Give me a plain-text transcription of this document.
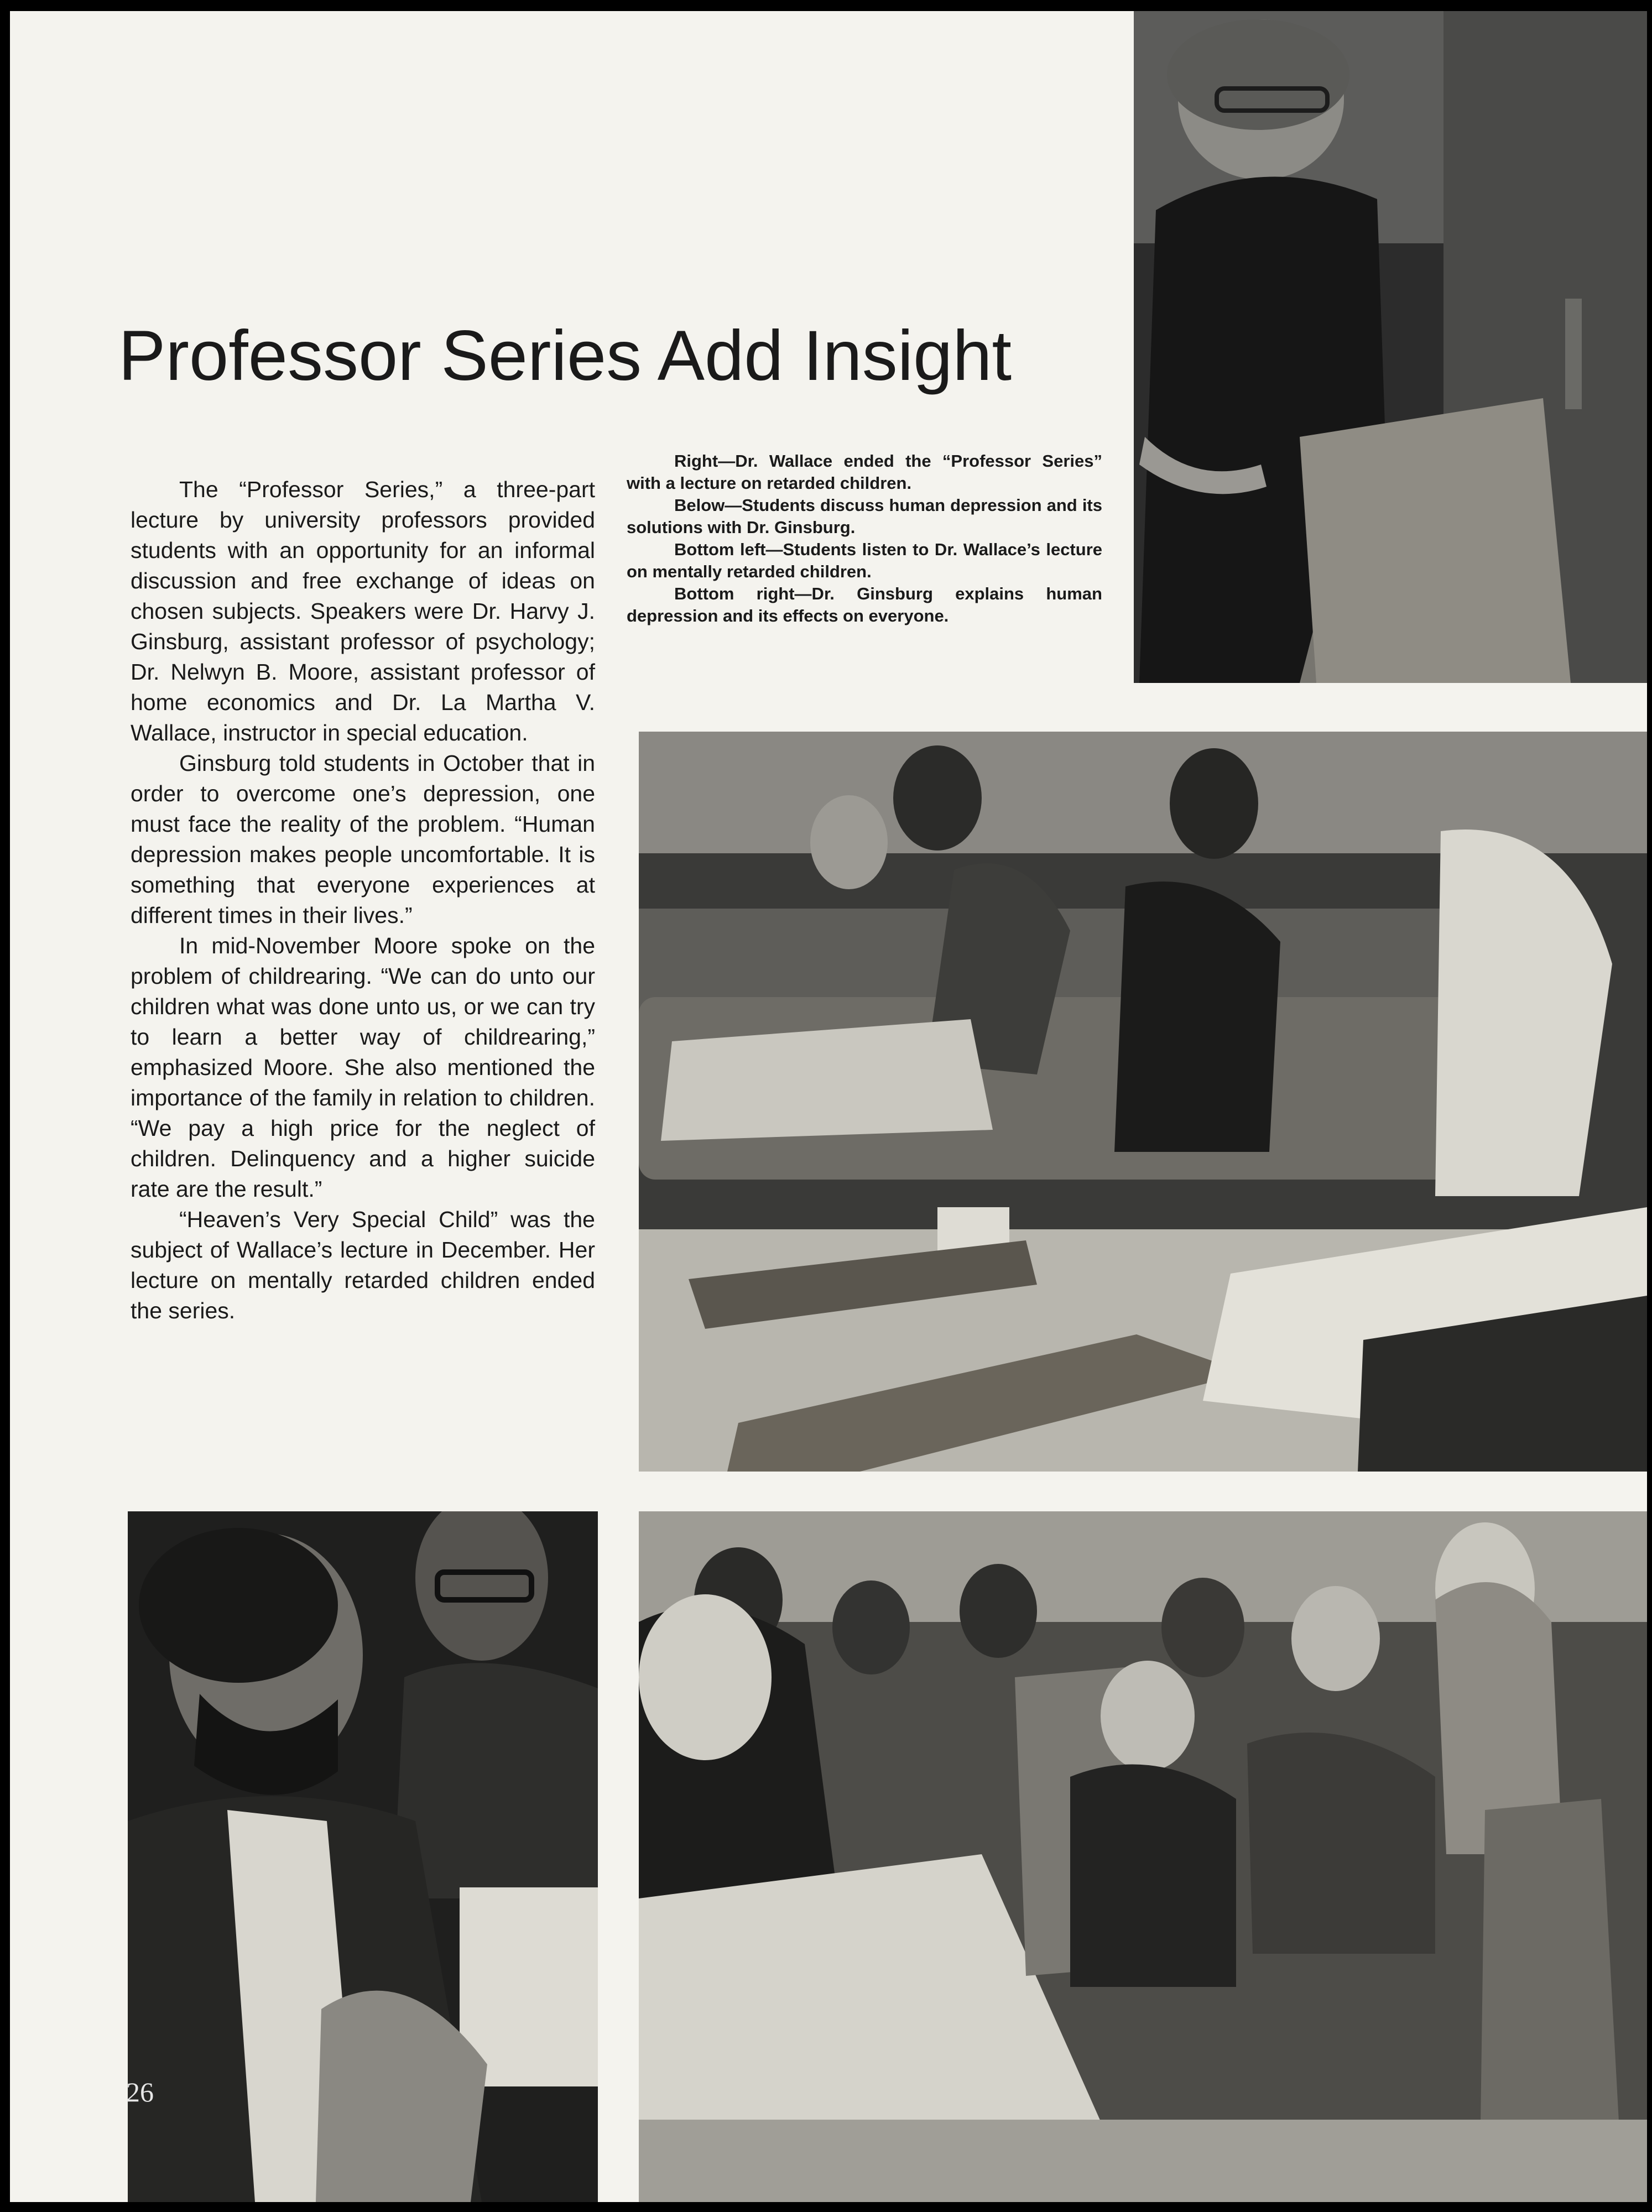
Professor Series Add Insight

The “Professor Series,” a three-part lecture by university professors provided students with an opportunity for an informal discussion and free exchange of ideas on chosen subjects. Speakers were Dr. Harvy J. Ginsburg, assistant professor of psychology; Dr. Nelwyn B. Moore, assistant professor of home economics and Dr. La Martha V. Wallace, instructor in special education.

Ginsburg told students in October that in order to overcome one’s depression, one must face the reality of the problem. “Human depression makes people uncomfortable. It is something that everyone experiences at different times in their lives.”

In mid-November Moore spoke on the problem of childrearing. “We can do unto our children what was done unto us, or we can try to learn a better way of childrearing,” emphasized Moore. She also mentioned the importance of the family in relation to children. “We pay a high price for the neglect of children. Delinquency and a higher suicide rate are the result.”

“Heaven’s Very Special Child” was the subject of Wallace’s lecture in December. Her lecture on mentally retarded children ended the series.

Right—Dr. Wallace ended the “Professor Series” with a lecture on retarded children.

Below—Students discuss human depression and its solutions with Dr. Ginsburg.

Bottom left—Students listen to Dr. Wallace’s lecture on mentally retarded children.

Bottom right—Dr. Ginsburg explains human depression and its effects on everyone.

26
